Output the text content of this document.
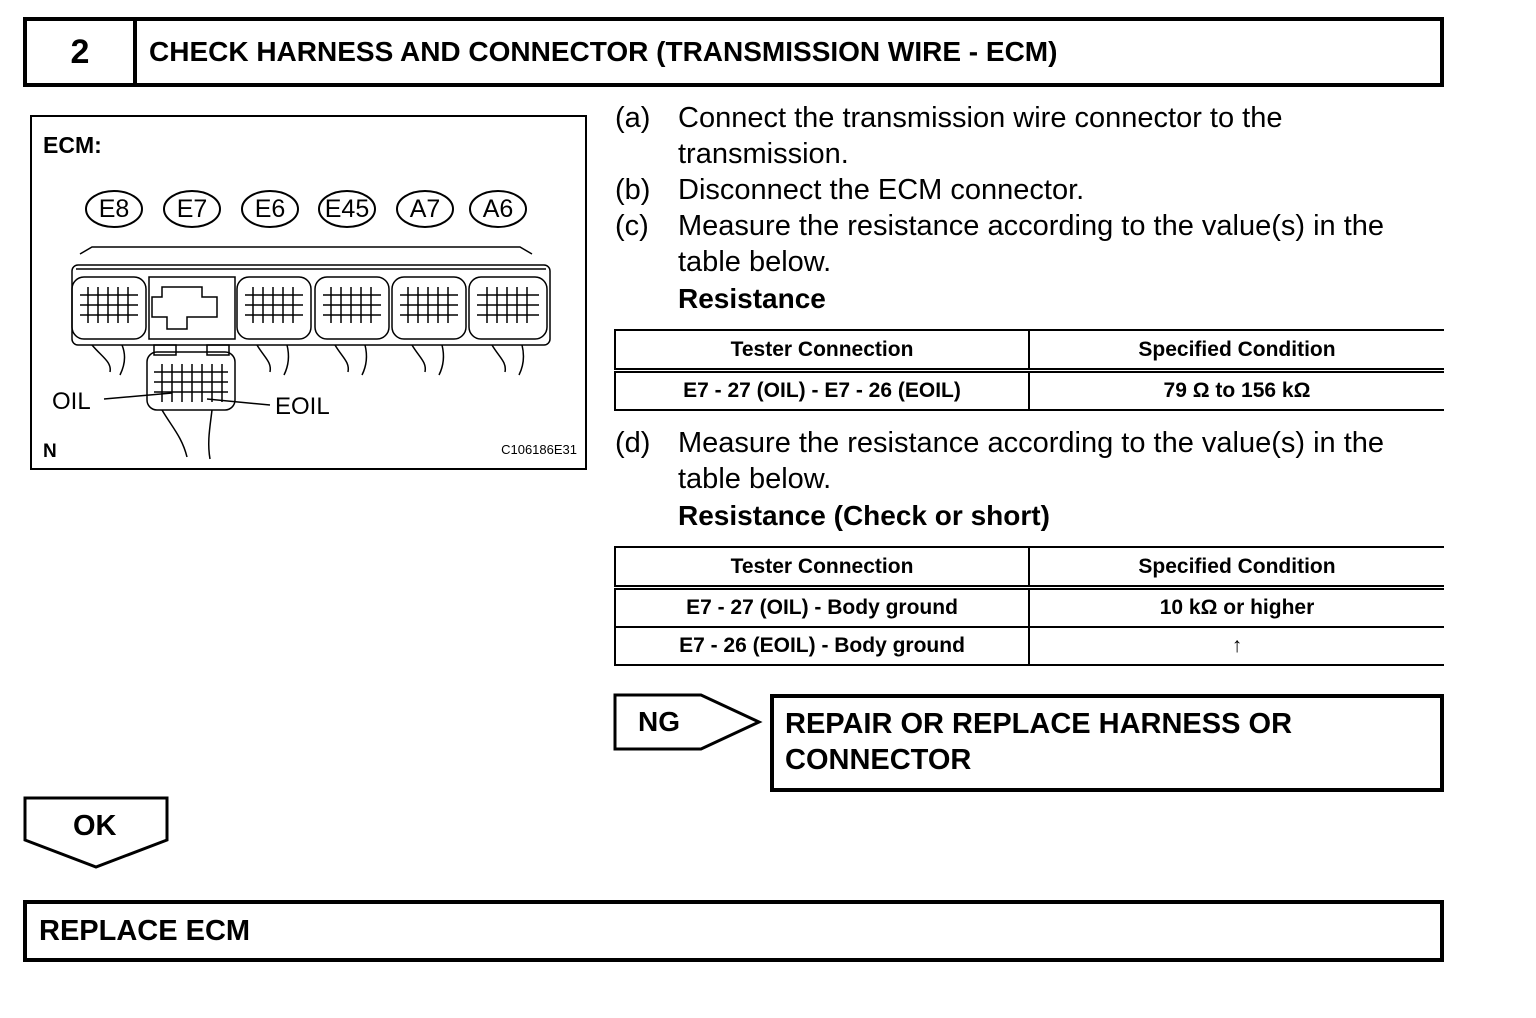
2	CHECK HARNESS AND CONNECTOR (TRANSMISSION WIRE - ECM)
ECM:
E8 E7 E6 E45 A7 A6
OIL	EOIL
N	C106186E31
(a) Connect the transmission wire connector to the transmission.
(b) Disconnect the ECM connector.
(c)	Measure the resistance according to the value(s) in the table below.
Resistance
Tester Connection	Specified Condition
E7 - 27 (OIL) - E7 - 26 (EOIL)	79 Ω to 156 kΩ
(d) Measure the resistance according to the value(s) in the table below.
Resistance (Check or short)
Tester Connection	Specified Condition
E7 - 27 (OIL) - Body ground	10 kΩ or higher
E7 - 26 (EOIL) - Body ground	↑
NG	REPAIR OR REPLACE HARNESS OR
CONNECTOR
OK
REPLACE ECM
